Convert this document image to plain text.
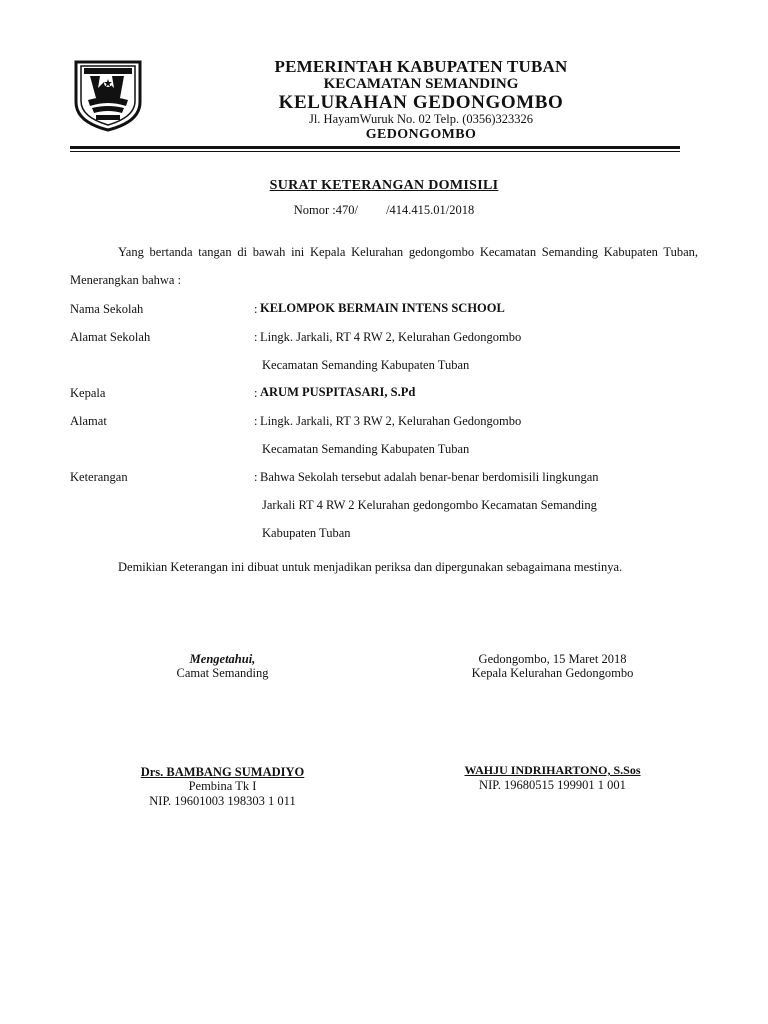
PEMERINTAH KABUPATEN TUBAN
KECAMATAN SEMANDING
KELURAHAN GEDONGOMBO
Jl. HayamWuruk No. 02 Telp. (0356)323326
GEDONGOMBO
SURAT KETERANGAN DOMISILI
Nomor :470/         /414.415.01/2018
Yang bertanda tangan di bawah ini Kepala Kelurahan gedongombo Kecamatan Semanding Kabupaten Tuban, Menerangkan bahwa :
Nama Sekolah	: KELOMPOK BERMAIN INTENS SCHOOL
Alamat Sekolah	: Lingk. Jarkali, RT 4 RW 2, Kelurahan Gedongombo
Kecamatan Semanding Kabupaten Tuban
Kepala	: ARUM PUSPITASARI, S.Pd
Alamat	: Lingk. Jarkali, RT 3 RW 2, Kelurahan Gedongombo
Kecamatan Semanding Kabupaten Tuban
Keterangan	: Bahwa Sekolah tersebut adalah benar-benar berdomisili lingkungan
Jarkali RT 4 RW 2 Kelurahan gedongombo Kecamatan Semanding
Kabupaten Tuban
Demikian Keterangan ini dibuat untuk menjadikan periksa dan dipergunakan sebagaimana mestinya.
Mengetahui,
Camat Semanding
Drs. BAMBANG SUMADIYO
Pembina Tk I
NIP. 19601003 198303 1 011
Gedongombo, 15 Maret 2018
Kepala Kelurahan Gedongombo
WAHJU INDRIHARTONO, S.Sos
NIP. 19680515 199901 1 001
